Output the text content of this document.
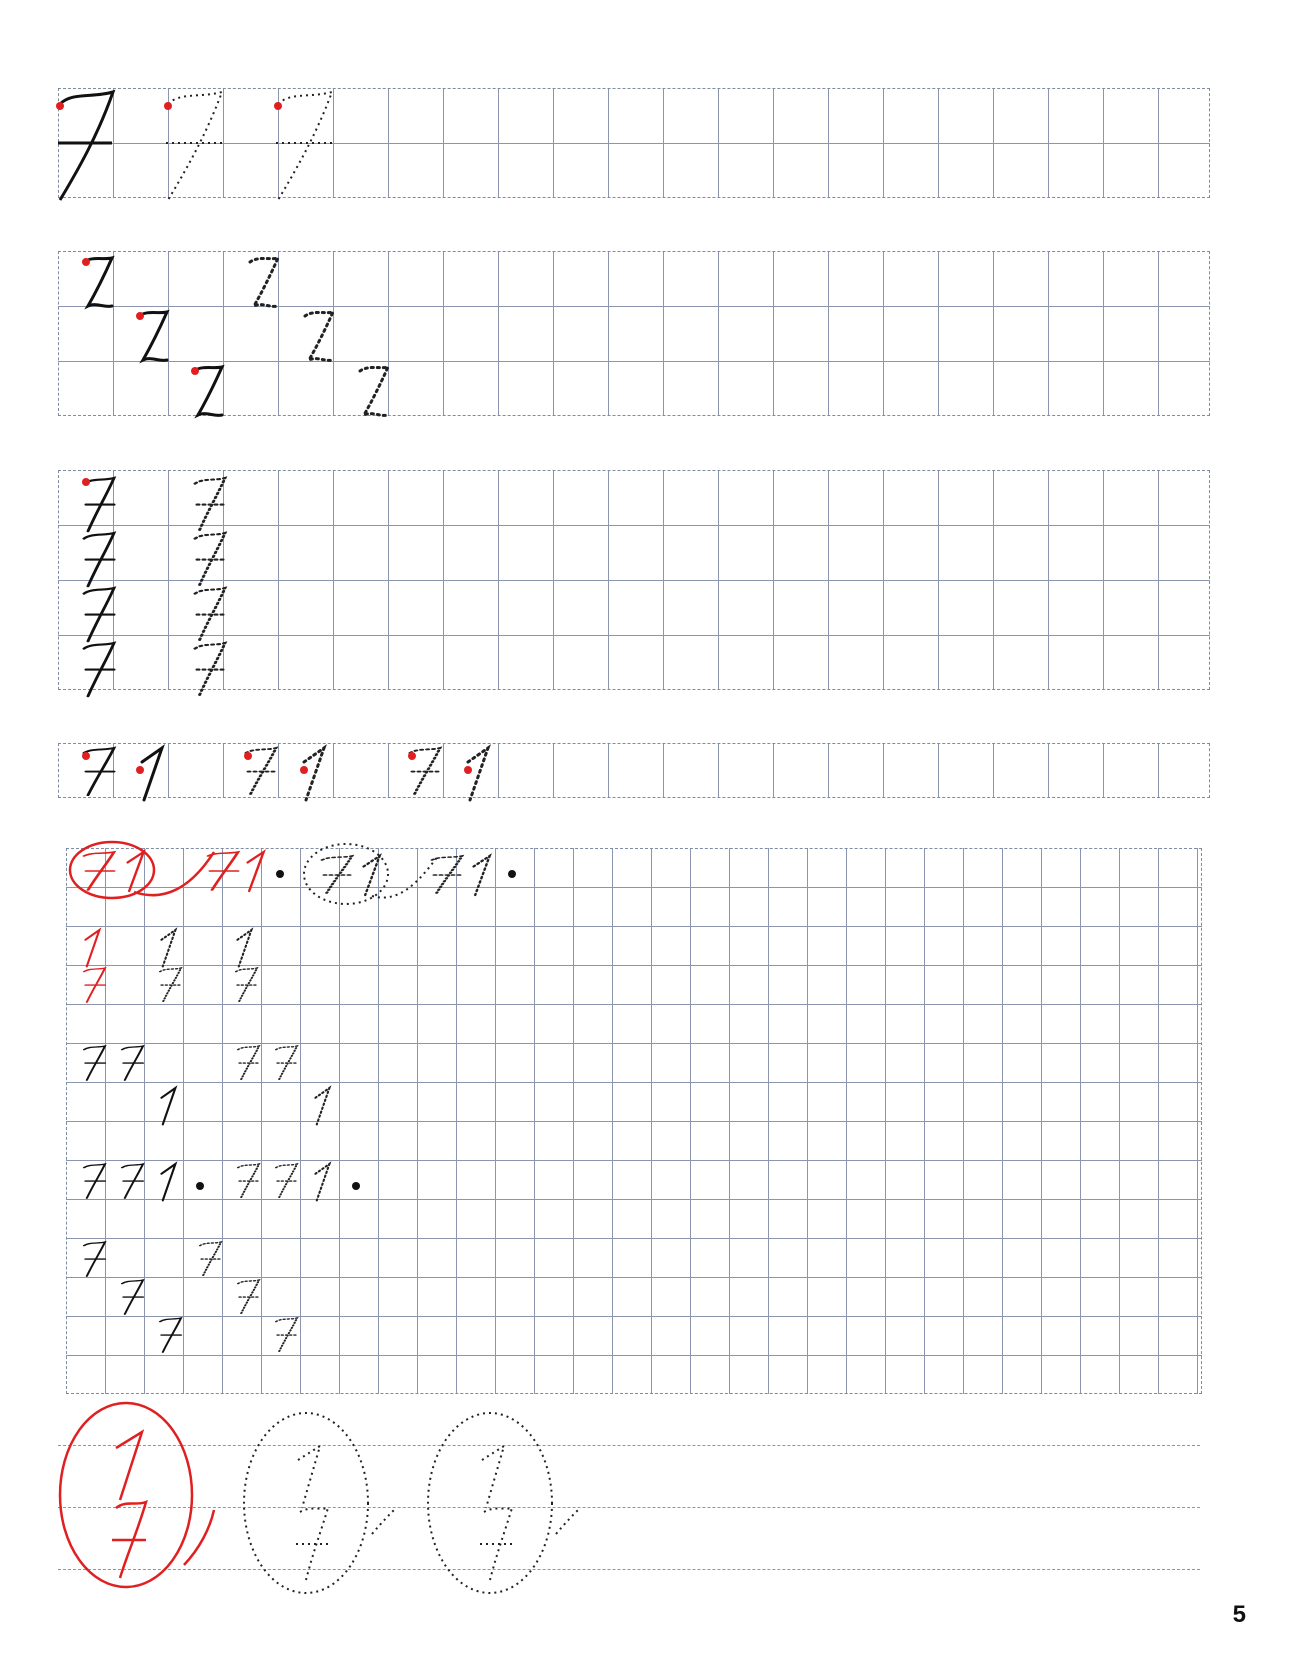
5
